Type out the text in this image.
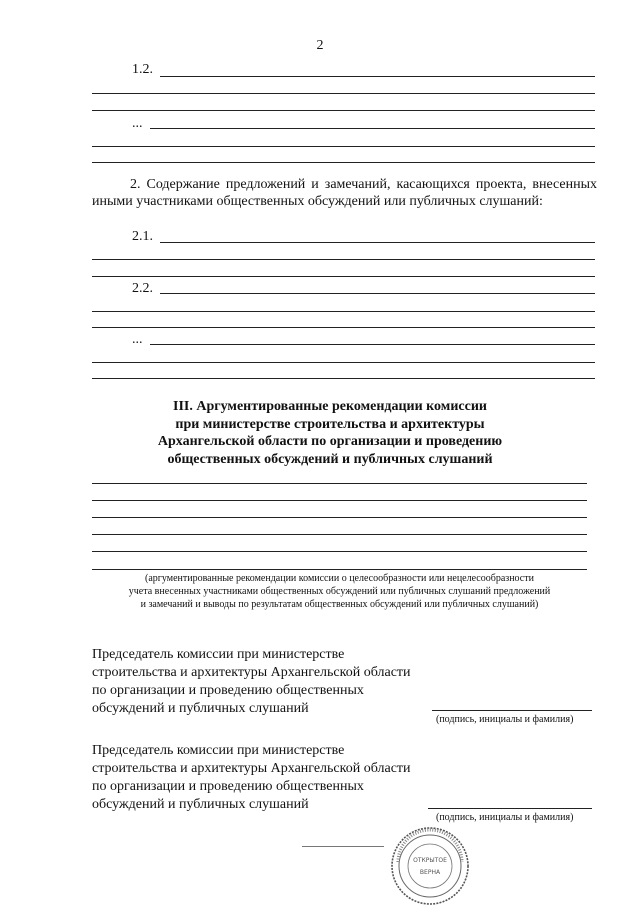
2
1.2.
...
2. Содержание предложений и замечаний, касающихся проекта, внесенных иными участниками общественных обсуждений или публичных слушаний:
2.1.
2.2.
...
III. Аргументированные рекомендации комиссии
при министерстве строительства и архитектуры
Архангельской области по организации и проведению
общественных обсуждений и публичных слушаний
(аргументированные рекомендации комиссии о целесообразности или нецелесообразности
учета внесенных участниками общественных обсуждений или публичных слушаний предложений
и замечаний и выводы по результатам общественных обсуждений или публичных слушаний)
Председатель комиссии при министерстве
строительства и архитектуры Архангельской области
по организации и проведению общественных
обсуждений и публичных слушаний
(подпись, инициалы и фамилия)
Председатель комиссии при министерстве
строительства и архитектуры Архангельской области
по организации и проведению общественных
обсуждений и публичных слушаний
(подпись, инициалы и фамилия)
ОТКРЫТОЕ
ВЕРНА
